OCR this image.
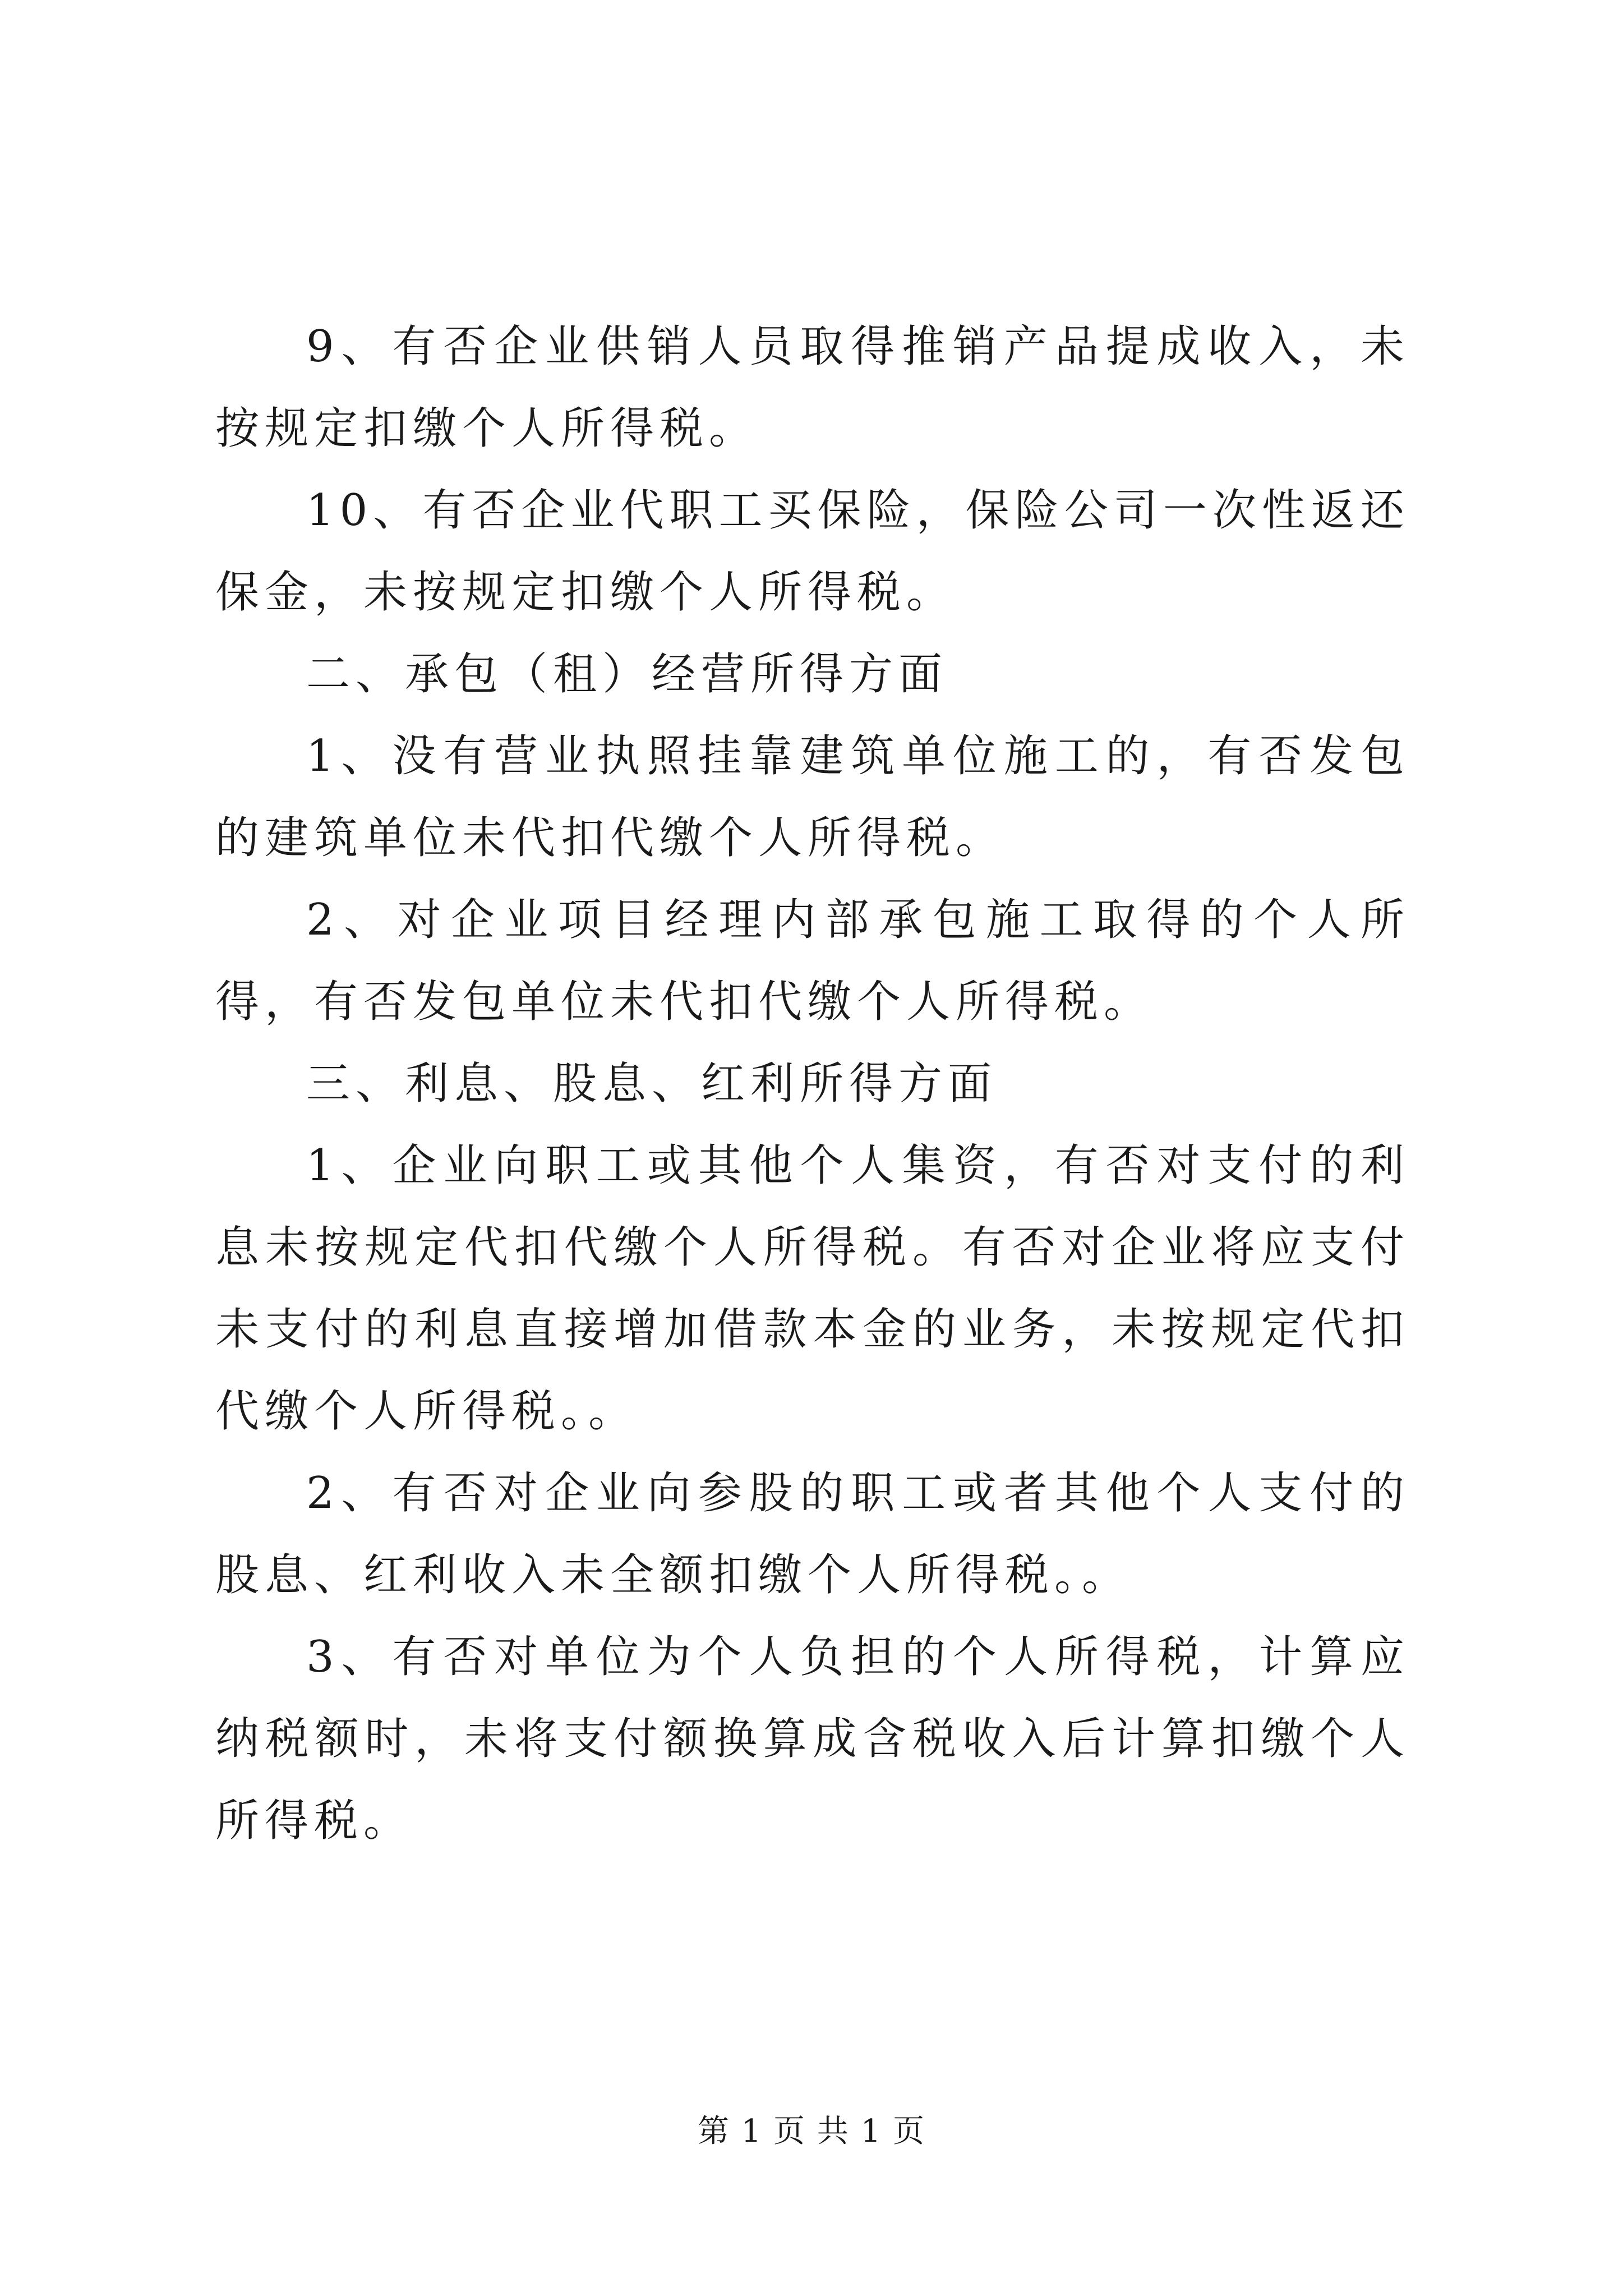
9、有否企业供销人员取得推销产品提成收入，未按规定扣缴个人所得税。

10、有否企业代职工买保险，保险公司一次性返还保金，未按规定扣缴个人所得税。

二、承包（租）经营所得方面

1、没有营业执照挂靠建筑单位施工的，有否发包的建筑单位未代扣代缴个人所得税。

2、对企业项目经理内部承包施工取得的个人所得，有否发包单位未代扣代缴个人所得税。

三、利息、股息、红利所得方面

1、企业向职工或其他个人集资，有否对支付的利息未按规定代扣代缴个人所得税。有否对企业将应支付未支付的利息直接增加借款本金的业务，未按规定代扣代缴个人所得税。。

2、有否对企业向参股的职工或者其他个人支付的股息、红利收入未全额扣缴个人所得税。。

3、有否对单位为个人负担的个人所得税，计算应纳税额时，未将支付额换算成含税收入后计算扣缴个人所得税。

第 1 页 共 1 页
